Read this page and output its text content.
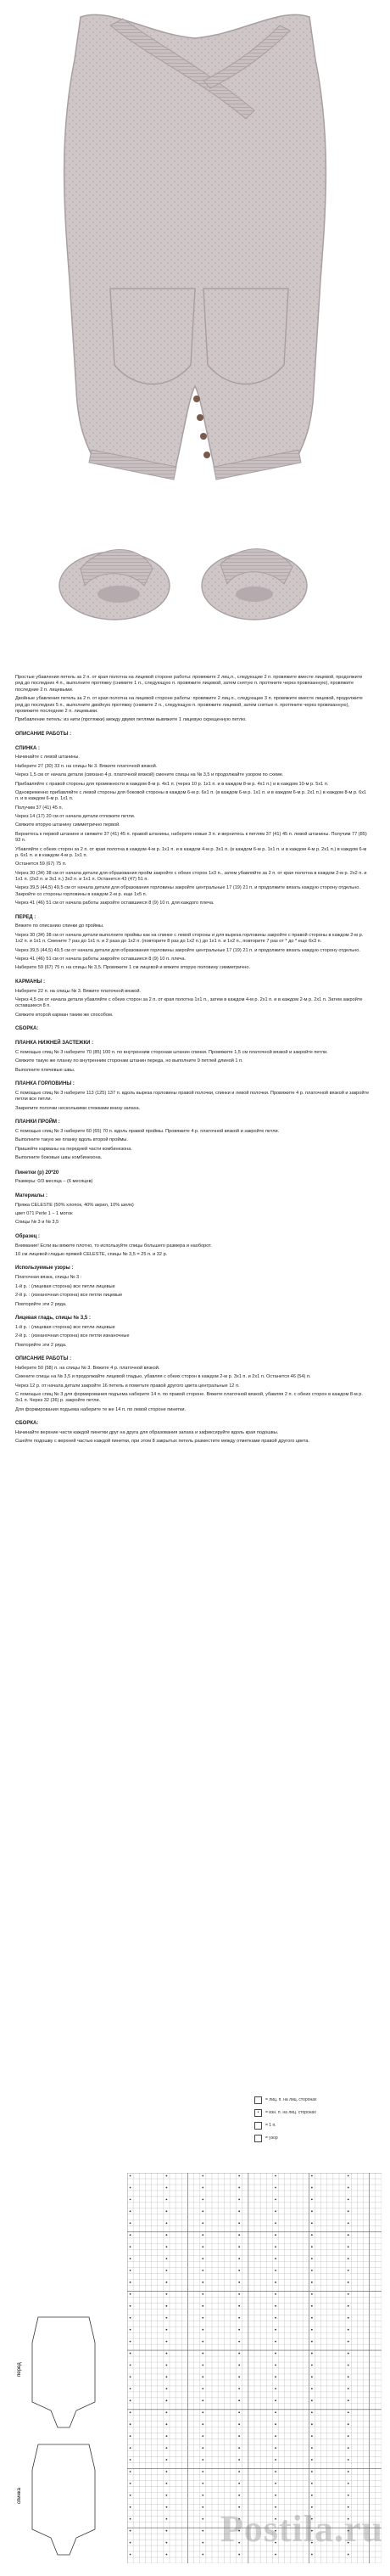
Простые убавления петель за 2 п. от края полотна на лицевой стороне работы: провяжите 2 лиц.п., следующие 2 п. провяжите вместе лицевой, продолжите ряд до последних 4 п., выполните протяжку (снимите 1 п., следующую п. провяжите лицевой, затем снятую п. протяните через провязанную), провяжите последние 2 п. лицевыми.

Двойные убавления петель за 2 п. от края полотна на лицевой стороне работы: провяжите 2 лиц.п., следующие 3 п. провяжите вместе лицевой, продолжите ряд до последних 5 п., выполните двойную протяжку (снимите 2 п., следующую п. провяжите лицевой, затем снятые п. протяните через провязанную), провяжите последние 2 п. лицевыми.

Прибавление петель: из нити (протяжки) между двумя петлями вывяжите 1 лицевую скрещенную петлю.

ОПИСАНИЕ РАБОТЫ :
СПИНКА :

Начинайте с левой штанины.

Наберите 27 (30) 33 п. на спицы № 3. Вяжите платочной вязкой.

Через 1,5 см от начала детали (связано 4 р. платочной вязкой) смените спицы на № 3,5 и продолжайте узором по схеме.

Прибавляйте с правой стороны для промежности в каждом 8-м р. 4х1 п. (через 10 р. 1х1 п. и в каждом 8-м р. 4х1 п.) и в каждом 10-м р. 5х1 п.

Одновременно прибавляйте с левой стороны для боковой стороны в каждом 6-м р. 6х1 п. (в каждом 6-м р. 1х1 п. и в каждом 6-м р. 2х1 п.) в каждом 8-м р. 6х1 п. и в каждом 6-м р. 1х1 п.

Получим 37 (41) 45 п.

Через 14 (17) 20 см от начала детали отложите петли.

Свяжите вторую штанину симметрично первой.

Вернитесь к первой штанине и свяжите 37 (41) 45 п. правой штанины, наберите новые 3 п. и вернитесь к петлям 37 (41) 45 п. левой штанины. Получим 77 (85) 93 п.

Убавляйте с обеих сторон за 2 п. от края полотна в каждом 4-м р. 1х1 п. и в каждом 4-м р. 3х1 п. (в каждом 6-м р. 1х1 п. и в каждом 4-м р. 2х1 п.) в каждом 6-м р. 6х1 п. и в каждом 4-м р. 1х1 п.

Останется 59 (67) 75 п.

Через 30 (34) 38 см от начала детали для образования пройм закройте с обеих сторон 1х3 п., затем убавляйте за 2 п. от края полотна в каждом 2-м р. 2х2 п. и 1х1 п. (2х2 п. и 3х1 п.) 3х2 п. и 1х1 п. Останется 43 (47) 51 п.

Через 39,5 (44,5) 49,5 см от начала детали для образования горловины закройте центральные 17 (19) 21 п. и продолжите вязать каждую сторону отдельно. Закройте со стороны горловины в каждом 2-м р. еще 1х5 п.

Через 41 (46) 51 см от начала работы закройте оставшиеся 8 (9) 10 п. для каждого плеча.

ПЕРЕД :

Вяжите по описанию спинки до проймы.

Через 30 (34) 38 см от начала детали выполните проймы как на спинке с левой стороны и для выреза горловины закройте с правой стороны в каждом 2-м р. 1х2 п. и 1х1 п. Смените 7 раз до 1х1 п. и 2 раза до 1х2 п. (повторите 8 раз до 1х2 п.) до 1х1 п. и 1х2 п., повторите 7 раз от * до * еще 6х3 п.

Через 39,5 (44,5) 49,5 см от начала детали для образования горловины закройте центральные 17 (19) 21 п. и продолжите вязать каждую сторону отдельно.

Через 41 (46) 51 см от начала работы закройте оставшиеся 8 (9) 10 п. плеча.

Наберите 59 (67) 75 п. на спицы № 3,5. Провяжите 1 см лицевой и вяжите вторую половину симметрично.

КАРМАНЫ :

Наберите 22 п. на спицы № 3. Вяжите платочной вязкой.

Через 4,5 см от начала детали убавляйте с обеих сторон за 2 п. от края полотна 1х1 п., затем в каждом 4-м р. 2х1 п. и в каждом 2-м р. 2х1 п. Затем закройте оставшиеся 8 п.

Свяжите второй карман таким же способом.

СБОРКА:
ПЛАНКА НИЖНЕЙ ЗАСТЕЖКИ :

С помощью спиц № 3 наберите 70 (85) 100 п. по внутренним сторонам штанин спинки. Провяжите 1,5 см платочной вязкой и закройте петли.

Свяжите такую же планку по внутренним сторонам штанин переда, но выполните 9 петлей длиной 1 п.

Выполните плечевые швы.

ПЛАНКА ГОРЛОВИНЫ :

С помощью спиц № 3 наберите 113 (125) 137 п. вдоль выреза горловины правой полочки, спинки и левой полочки. Провяжите 4 р. платочной вязкой и закройте петли все петли.

Закрепите полочки несколькими стежками внизу запаха.

ПЛАНКИ ПРОЙМ :

С помощью спиц № 3 наберите 60 (65) 70 п. вдоль правой проймы. Провяжите 4 р. платочной вязкой и закройте петли.

Выполните такую же планку вдоль второй проймы.

Пришейте карманы на передней части комбинезона.

Выполните боковые швы комбинезона.

Пинетки (р) 20*20

Размеры: 0/3 месяца – (6 месяцев)

Материалы :

Пряжа CELESTE (50% хлопок, 40% акрил, 10% шелк)

цвет 071 Perle 1 – 1 моток

Спицы № 3 и № 3,5

Образец :

Внимание! Если вы вяжете плотно, то используйте спицы большего размера и наоборот.

10 см лицевой гладью пряжей CELESTE, спицы № 3,5 = 25 п. и 32 р.

Используемые узоры :

Платочная вязка, спицы № 3 :

1-й р. : (лицевая сторона) все петли лицевые

2-й р. : (изнаночная сторона) все петли лицевые

Повторяйте эти 2 ряда.

Лицевая гладь, спицы № 3,5 :

1-й р. : (лицевая сторона) все петли лицевые

2-й р. : (изнаночная сторона) все петли изнаночные

Повторяйте эти 2 ряда.

ОПИСАНИЕ РАБОТЫ :

Наберите 50 (58) п. на спицы № 3. Вяжите 4 р. платочной вязкой.

Смените спицы на № 3,5 и продолжайте лицевой гладью, убавляя с обеих сторон в каждом 2-м р. 3х1 п. и 2х1 п. Останется 46 (54) п.

Через 12 р. от начала детали закройте 16 петель и пометьте правой другого цвета центральные 12 п.

С помощью спиц № 3 для формирования подъема наберите 14 п. по правой стороне. Вяжите платочной вязкой, убавляя 2 п. с обеих сторон в каждом 8-м р. 3х1 п. Через 32 (36) р. закройте петли.

Для формирования подъема наберите те же 14 п. по левой стороне пинетки.

СБОРКА:

Начинайте верхние части каждой пинетки друг на друга для образования запаха и зафиксируйте вдоль края подошвы.

Сшейте подошву с верхней частью каждой пинетки, при этом 8 закрытых петель разместите между отметками правой другого цвета.

= лиц. п. на лиц. сторонах
•	= изн. п. на лиц. сторонах
= 1 п.
= узор
перед
спинка
Postila.ru
